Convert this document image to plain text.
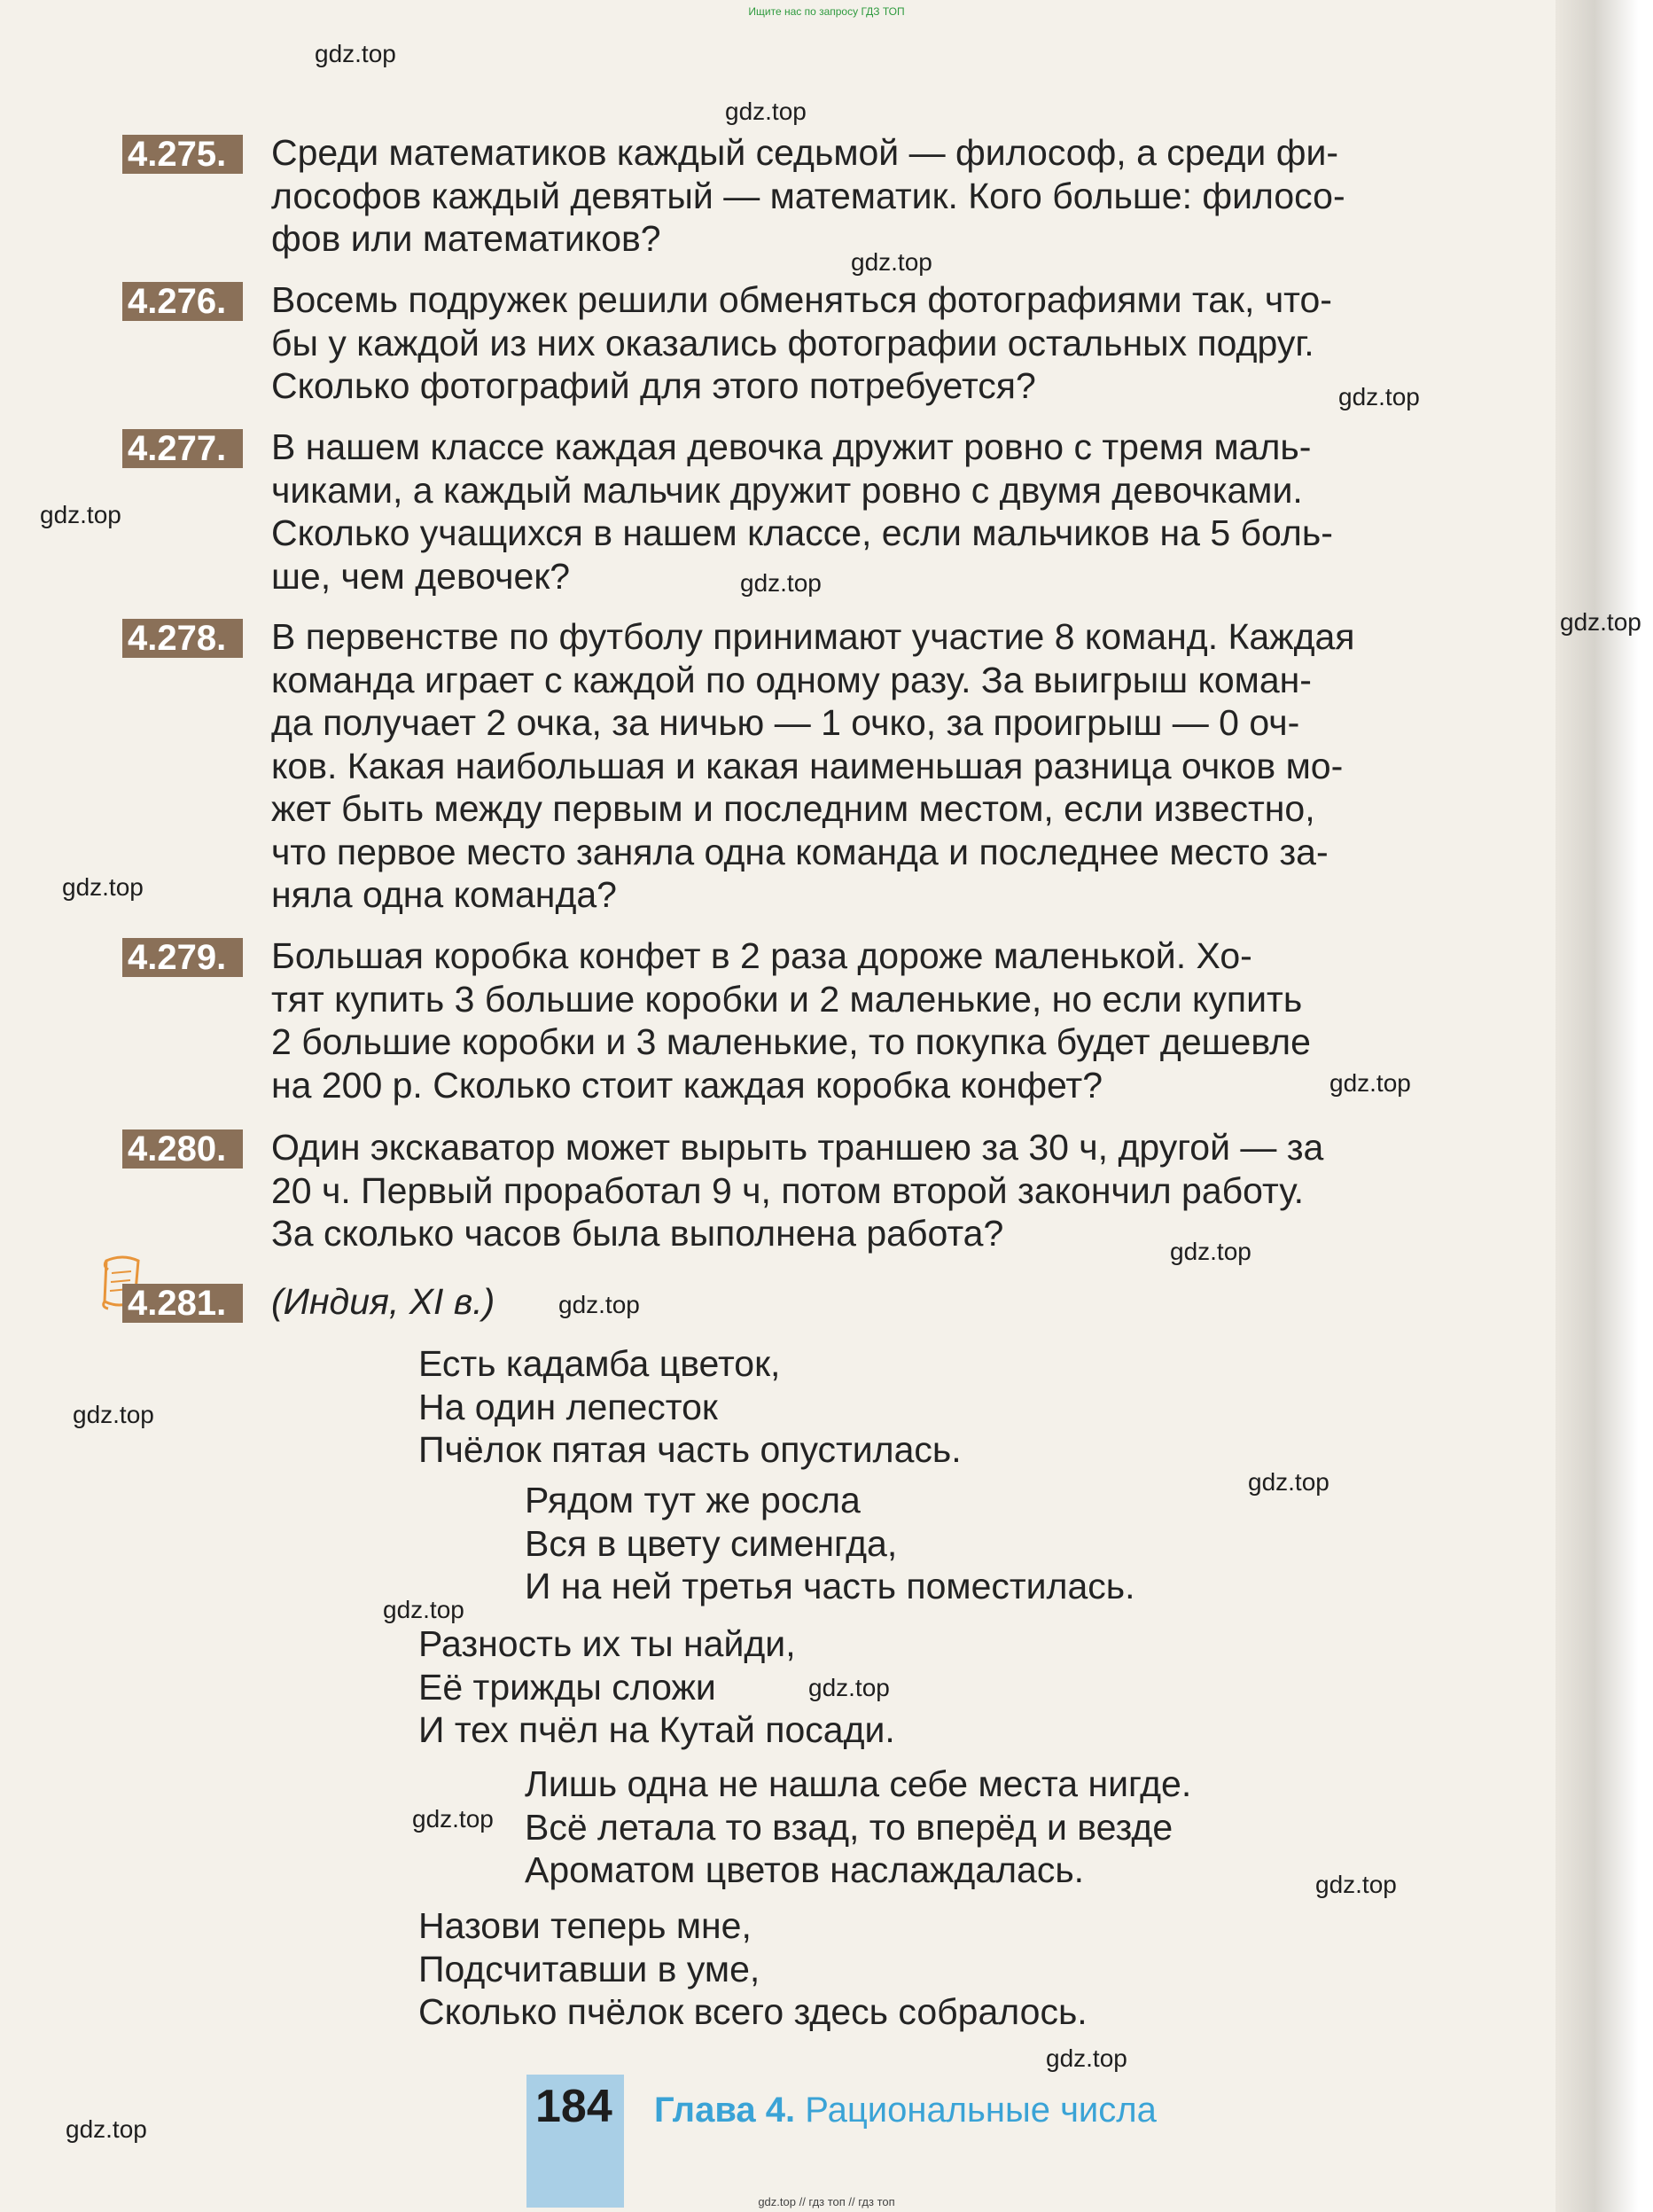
Ищите нас по запросу ГДЗ ТОП
gdz.top
gdz.top
gdz.top
gdz.top
gdz.top
gdz.top
gdz.top
gdz.top
gdz.top
gdz.top
gdz.top
gdz.top
gdz.top
gdz.top
gdz.top
gdz.top
gdz.top
gdz.top
gdz.top
4.275.	Среди математиков каждый седьмой — философ, а среди фи-
лософов каждый девятый — математик. Кого больше: филосо-
фов или математиков?
4.276.	Восемь подружек решили обменяться фотографиями так, что-
бы у каждой из них оказались фотографии остальных подруг.
Сколько фотографий для этого потребуется?
4.277.	В нашем классе каждая девочка дружит ровно с тремя маль-
чиками, а каждый мальчик дружит ровно с двумя девочками.
Сколько учащихся в нашем классе, если мальчиков на 5 боль-
ше, чем девочек?
4.278.	В первенстве по футболу принимают участие 8 команд. Каждая
команда играет с каждой по одному разу. За выигрыш коман-
да получает 2 очка, за ничью — 1 очко, за проигрыш — 0 оч-
ков. Какая наибольшая и какая наименьшая разница очков мо-
жет быть между первым и последним местом, если известно,
что первое место заняла одна команда и последнее место за-
няла одна команда?
4.279.	Большая коробка конфет в 2 раза дороже маленькой. Хо-
тят купить 3 большие коробки и 2 маленькие, но если купить
2 большие коробки и 3 маленькие, то покупка будет дешевле
на 200 р. Сколько стоит каждая коробка конфет?
4.280.	Один экскаватор может вырыть траншею за 30 ч, другой — за
20 ч. Первый проработал 9 ч, потом второй закончил работу.
За сколько часов была выполнена работа?
4.281.	(Индия, XI в.)
Есть кадамба цветок,
На один лепесток
Пчёлок пятая часть опустилась.
Рядом тут же росла
Вся в цвету сименгда,
И на ней третья часть поместилась.
Разность их ты найди,
Её трижды сложи
И тех пчёл на Кутай посади.
Лишь одна не нашла себе места нигде.
Всё летала то взад, то вперёд и везде
Ароматом цветов наслаждалась.
Назови теперь мне,
Подсчитавши в уме,
Сколько пчёлок всего здесь собралось.
184 Глава 4. Рациональные числа
gdz.top // гдз топ // гдз топ
